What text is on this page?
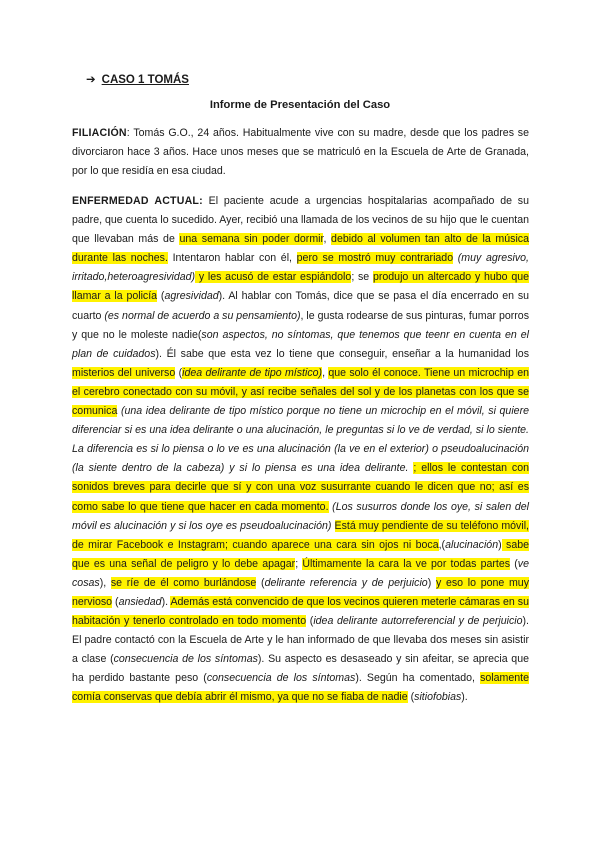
➔ CASO 1 TOMÁS
Informe de Presentación del Caso

FILIACIÓN: Tomás G.O., 24 años. Habitualmente vive con su madre, desde que los padres se divorciaron hace 3 años. Hace unos meses que se matriculó en la Escuela de Arte de Granada, por lo que residía en esa ciudad.

ENFERMEDAD ACTUAL: El paciente acude a urgencias hospitalarias acompañado de su padre, que cuenta lo sucedido. Ayer, recibió una llamada de los vecinos de su hijo que le cuentan que llevaban más de una semana sin poder dormir, debido al volumen tan alto de la música durante las noches. Intentaron hablar con él, pero se mostró muy contrariado (muy agresivo, irritado,heteroagresividad) y les acusó de estar espiándolo; se produjo un altercado y hubo que llamar a la policía (agresividad). Al hablar con Tomás, dice que se pasa el día encerrado en su cuarto (es normal de acuerdo a su pensamiento), le gusta rodearse de sus pinturas, fumar porros y que no le moleste nadie(son aspectos, no síntomas, que tenemos que teenr en cuenta en el plan de cuidados). Él sabe que esta vez lo tiene que conseguir, enseñar a la humanidad los misterios del universo (idea delirante de tipo místico), que solo él conoce. Tiene un microchip en el cerebro conectado con su móvil, y así recibe señales del sol y de los planetas con los que se comunica (una idea delirante de tipo místico porque no tiene un microchip en el móvil, si quiere diferenciar si es una idea delirante o una alucinación, le preguntas si lo ve de verdad, si lo siente. La diferencia es si lo piensa o lo ve es una alucinación (la ve en el exterior) o pseudoalucinación (la siente dentro de la cabeza) y si lo piensa es una idea delirante. ; ellos le contestan con sonidos breves para decirle que sí y con una voz susurrante cuando le dicen que no; así es como sabe lo que tiene que hacer en cada momento. (Los susurros donde los oye, si salen del móvil es alucinación y si los oye es pseudoalucinación) Está muy pendiente de su teléfono móvil, de mirar Facebook e Instagram; cuando aparece una cara sin ojos ni boca,(alucinación) sabe que es una señal de peligro y lo debe apagar; Últimamente la cara la ve por todas partes (ve cosas), se ríe de él como burlándose (delirante referencia y de perjuicio) y eso lo pone muy nervioso (ansiedad). Además está convencido de que los vecinos quieren meterle cámaras en su habitación y tenerlo controlado en todo momento (idea delirante autorreferencial y de perjuicio). El padre contactó con la Escuela de Arte y le han informado de que llevaba dos meses sin asistir a clase (consecuencia de los síntomas). Su aspecto es desaseado y sin afeitar, se aprecia que ha perdido bastante peso (consecuencia de los síntomas). Según ha comentado, solamente comía conservas que debía abrir él mismo, ya que no se fiaba de nadie (sitiofobias).
